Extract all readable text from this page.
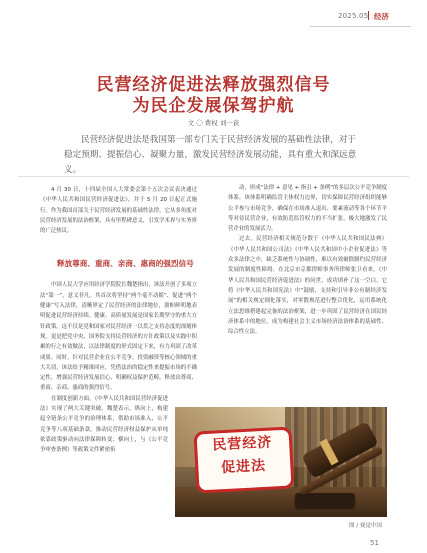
2025.05 经济
民营经济促进法释放强烈信号
为民企发展保驾护航
文 〇 费权 刘一荻
民营经济促进法是我国第一部专门关于民营经济发展的基础性法律，对于稳定预期、提振信心、凝聚力量，激发民营经济发展动能，具有重大和深远意义。

4 月 30 日，十四届全国人大常委会第十五次会议表决通过《中华人民共和国民营经济促进法》，并于 5 月 20 日起正式施行。作为我国首部关于民营经济发展的基础性法律，它从多角度对民营经济发展的法治框架，具有里程碑意义，引发学术界与实务界的广泛热议。

中国人民大学应用经济学院院长魏楚指出，该法开创了多项立法“第一”，意义非凡。其首次将坚持“两个毫不动摇”、促进“两个健康”写入法律，清晰界定了民营经济的法律地位，旗帜鲜明地表明促进民营经济持续、健康、高质量发展是国家长期坚守的重大方针政策。这不仅是党和国家对民营经济一以贯之支持态度的深刻体现，更是把党中央、国务院支持民营经济的方针政策以及实践中积累的行之有效做法，以法律制度的形式固定下来，有力巩固了改革成果。同时，针对民营企业在公平竞争、投资融资等核心领域的重大关切，该法给予精准回应，凭借法治的稳定性来提振市场的不确定性，增强民营经济发展信心、明确权益保护范畴，释放出尊商、重商、亲商、惠商的强烈信号。

在制度创新方面，《中华人民共和国民营经济促进法》实现了两大关键突破。魏楚表示，纵向上，构建起全链条公平竞争的治理体系，借助市场准入、公平竞争等八项基础条款，推动民营经济权益保护从单纯依靠政策驱动向法律保障转变；横向上，与《公平竞争审查条例》等政策文件紧密衔

释放尊商、重商、亲商、惠商的强烈信号

动，形成“法律 + 意见 + 指引 + 条例”的多层次公平竞争制度体系。该体系明确监管主体权力边界，切实保障民营经济组织能够公平参与市场竞争，确保在市场准入退出、要素流动等各个环节平等对待民营企业，有效防范监管权力的不当扩张，极大地激发了民营企业的发展活力。

过去，民营经济相关规范分散于《中华人民共和国民法典》《中华人民共和国公司法》《中华人民共和国中小企业促进法》等众多法律之中，缺乏系统性与协调性，难以有效破除制约民营经济发展的制度性障碍。在北京市京都律师事务所律师张卫看来，《中华人民共和国民营经济促进法》的问世，成功填补了这一空白。它将《中华人民共和国宪法》中“鼓励、支持和引导非公有制经济发展”的相关规定细化落实，对零散规范进行整合优化，运用系统化立法思维搭建起完备的法治框架，进一步巩固了民营经济在国民经济体系中的地位，成为构建社会主义市场经济法治体系的基础性、综合性立法。

民营经济
促进法
图 / 视觉中国
51
